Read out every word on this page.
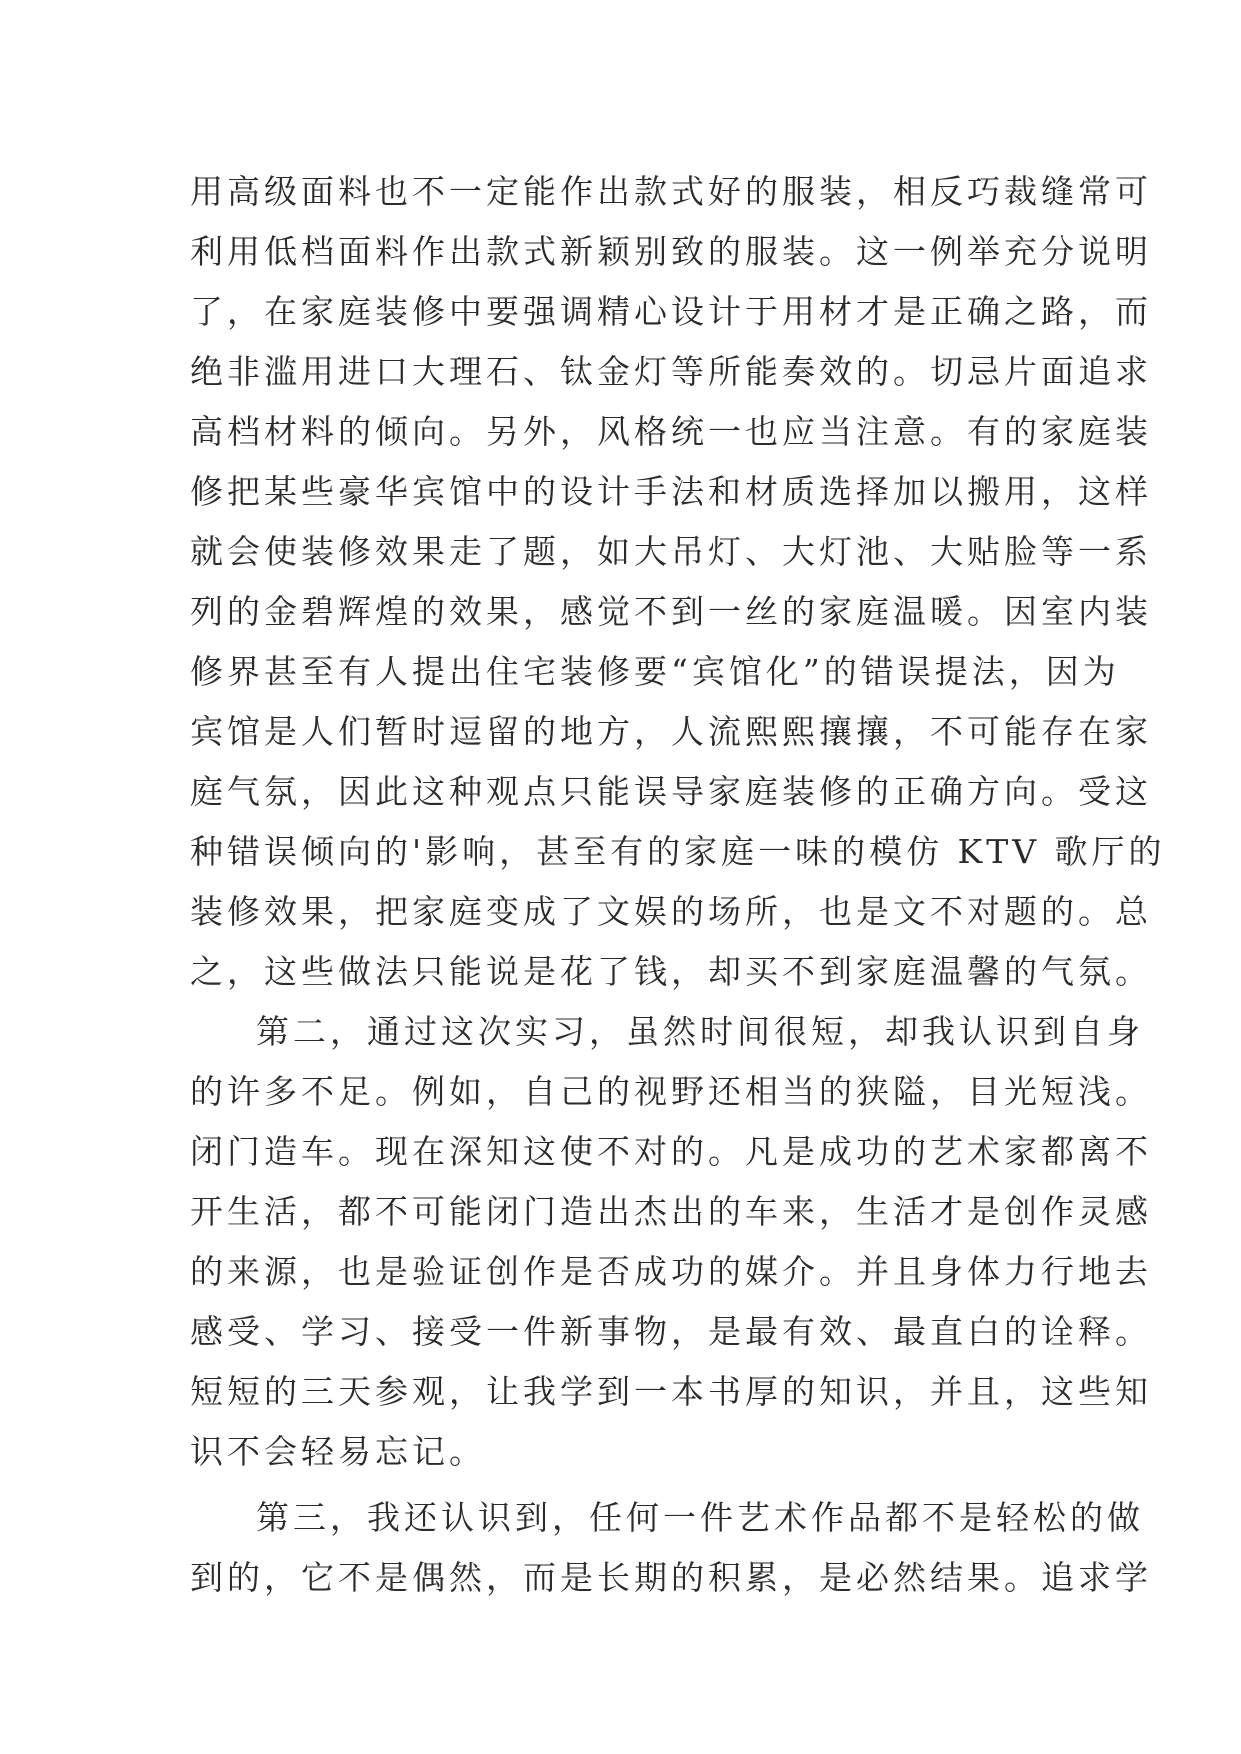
用高级面料也不一定能作出款式好的服装，相反巧裁缝常可
利用低档面料作出款式新颖别致的服装。这一例举充分说明
了，在家庭装修中要强调精心设计于用材才是正确之路，而
绝非滥用进口大理石、钛金灯等所能奏效的。切忌片面追求
高档材料的倾向。另外，风格统一也应当注意。有的家庭装
修把某些豪华宾馆中的设计手法和材质选择加以搬用，这样
就会使装修效果走了题，如大吊灯、大灯池、大贴脸等一系
列的金碧辉煌的效果，感觉不到一丝的家庭温暖。因室内装
修界甚至有人提出住宅装修要“宾馆化”的错误提法，因为
宾馆是人们暂时逗留的地方，人流熙熙攘攘，不可能存在家
庭气氛，因此这种观点只能误导家庭装修的正确方向。受这
种错误倾向的'影响，甚至有的家庭一味的模仿 KTV 歌厅的
装修效果，把家庭变成了文娱的场所，也是文不对题的。总
之，这些做法只能说是花了钱，却买不到家庭温馨的气氛。
第二，通过这次实习，虽然时间很短，却我认识到自身
的许多不足。例如，自己的视野还相当的狭隘，目光短浅。
闭门造车。现在深知这使不对的。凡是成功的艺术家都离不
开生活，都不可能闭门造出杰出的车来，生活才是创作灵感
的来源，也是验证创作是否成功的媒介。并且身体力行地去
感受、学习、接受一件新事物，是最有效、最直白的诠释。
短短的三天参观，让我学到一本书厚的知识，并且，这些知
识不会轻易忘记。
第三，我还认识到，任何一件艺术作品都不是轻松的做
到的，它不是偶然，而是长期的积累，是必然结果。追求学
